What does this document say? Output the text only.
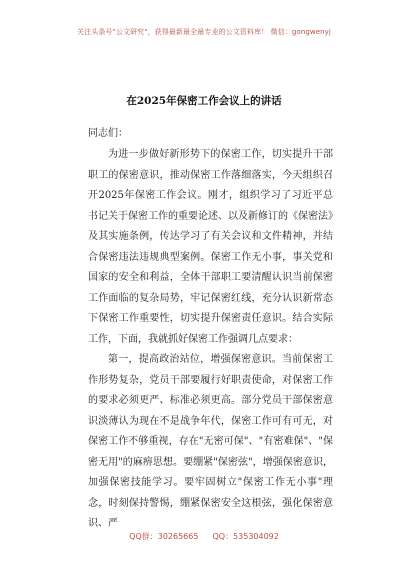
关注头条号"公文研究"，获得最新最全最专业的公文资料库！ 微信：gongwenyj
在2025年保密工作会议上的讲话
同志们：

为进一步做好新形势下的保密工作，切实提升干部职工的保密意识，推动保密工作落细落实，今天组织召开2025年保密工作会议。刚才，组织学习了习近平总书记关于保密工作的重要论述、以及新修订的《保密法》及其实施条例，传达学习了有关会议和文件精神，并结合保密违法违规典型案例。保密工作无小事，事关党和国家的安全和利益，全体干部职工要清醒认识当前保密工作面临的复杂局势，牢记保密红线，充分认识新常态下保密工作重要性，切实提升保密责任意识。结合实际工作，下面，我就抓好保密工作强调几点要求：

第一，提高政治站位，增强保密意识。当前保密工作形势复杂，党员干部要履行好职责使命，对保密工作的要求必须更严、标准必须更高。部分党员干部保密意识淡薄认为现在不是战争年代，保密工作可有可无，对保密工作不够重视，存在"无密可保"、"有密难保"、"保密无用"的麻痹思想。要绷紧"保密弦"，增强保密意识，加强保密技能学习。要牢固树立"保密工作无小事"理念，时刻保持警惕，绷紧保密安全这根弦，强化保密意识、严

QQ群：30265665 QQ：535304092
